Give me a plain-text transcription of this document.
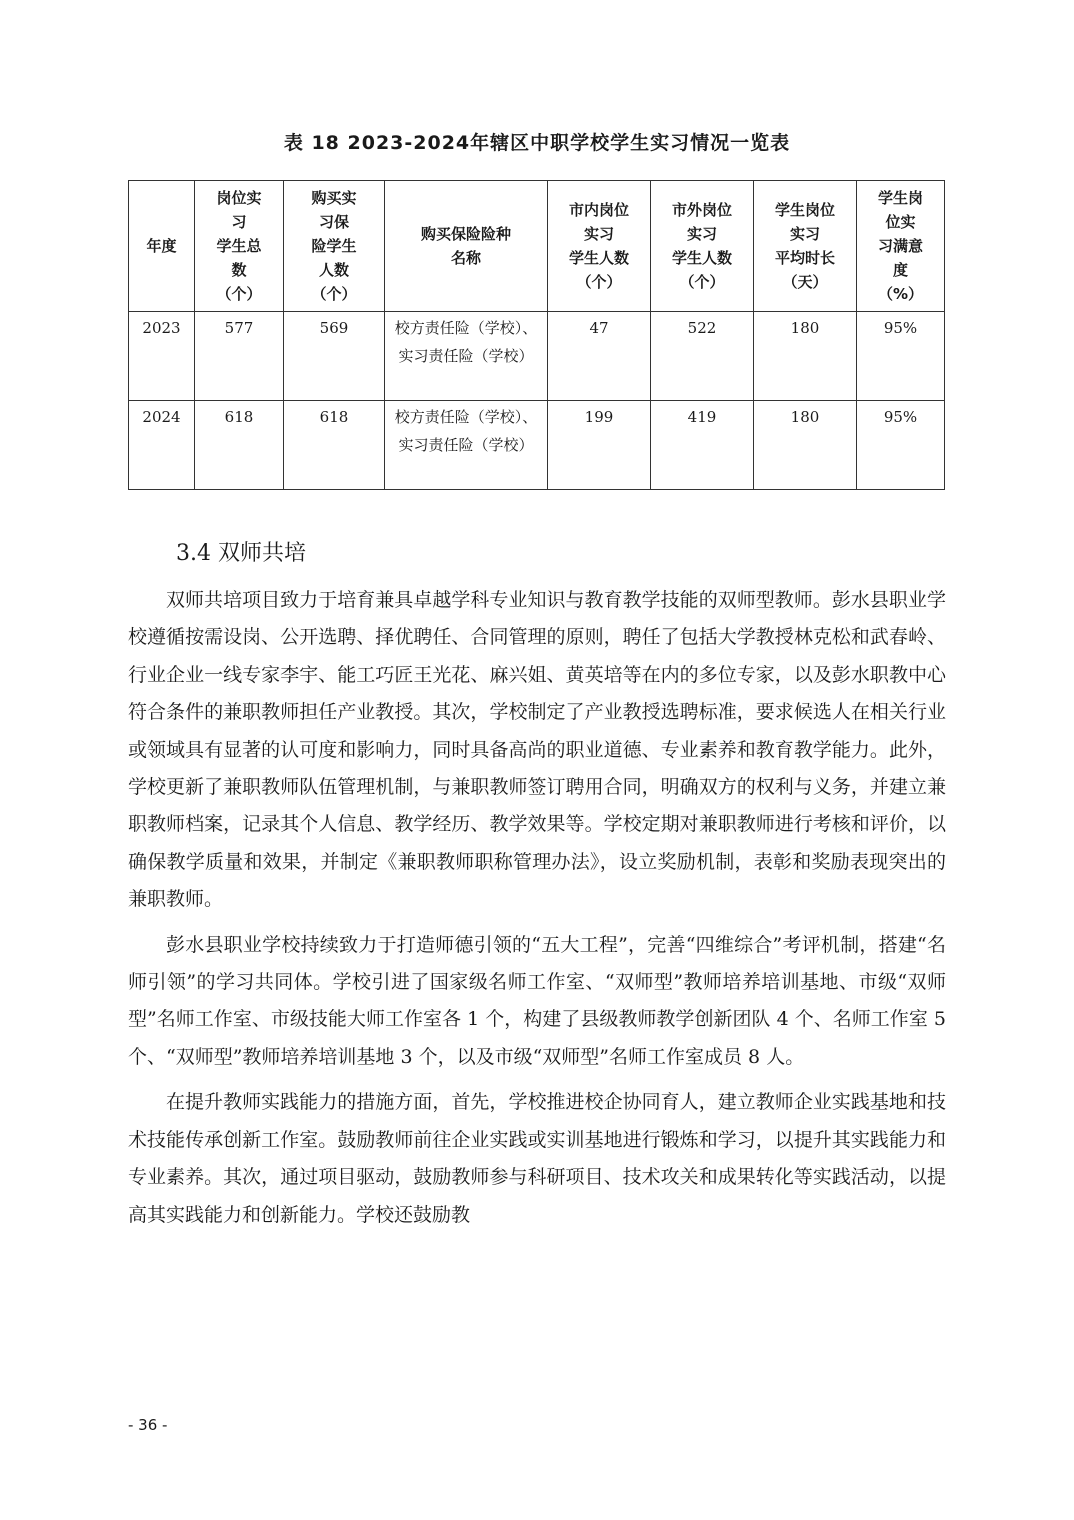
表 18 2023-2024年辖区中职学校学生实习情况一览表
年度	岗位实
习
学生总
数
（个）	购买实
习保
险学生
人数
（个）	购买保险险种
名称	市内岗位
实习
学生人数
（个）	市外岗位
实习
学生人数
（个）	学生岗位
实习
平均时长
（天）	学生岗
位实
习满意
度
（%）

2023	577	569	校方责任险（学校）、实习责任险（学校）	47	522	180	95%
2024	618	618	校方责任险（学校）、实习责任险（学校）	199	419	180	95%
3.4 双师共培

双师共培项目致力于培育兼具卓越学科专业知识与教育教学技能的双师型教师。彭水县职业学校遵循按需设岗、公开选聘、择优聘任、合同管理的原则，聘任了包括大学教授林克松和武春岭、行业企业一线专家李宇、能工巧匠王光花、麻兴姐、黄英培等在内的多位专家，以及彭水职教中心符合条件的兼职教师担任产业教授。其次，学校制定了产业教授选聘标准，要求候选人在相关行业或领域具有显著的认可度和影响力，同时具备高尚的职业道德、专业素养和教育教学能力。此外，学校更新了兼职教师队伍管理机制，与兼职教师签订聘用合同，明确双方的权利与义务，并建立兼职教师档案，记录其个人信息、教学经历、教学效果等。学校定期对兼职教师进行考核和评价，以确保教学质量和效果，并制定《兼职教师职称管理办法》，设立奖励机制，表彰和奖励表现突出的兼职教师。

彭水县职业学校持续致力于打造师德引领的“五大工程”，完善“四维综合”考评机制，搭建“名师引领”的学习共同体。学校引进了国家级名师工作室、“双师型”教师培养培训基地、市级“双师型”名师工作室、市级技能大师工作室各 1 个，构建了县级教师教学创新团队 4 个、名师工作室 5 个、“双师型”教师培养培训基地 3 个，以及市级“双师型”名师工作室成员 8 人。

在提升教师实践能力的措施方面，首先，学校推进校企协同育人，建立教师企业实践基地和技术技能传承创新工作室。鼓励教师前往企业实践或实训基地进行锻炼和学习，以提升其实践能力和专业素养。其次，通过项目驱动，鼓励教师参与科研项目、技术攻关和成果转化等实践活动，以提高其实践能力和创新能力。学校还鼓励教

- 36 -
